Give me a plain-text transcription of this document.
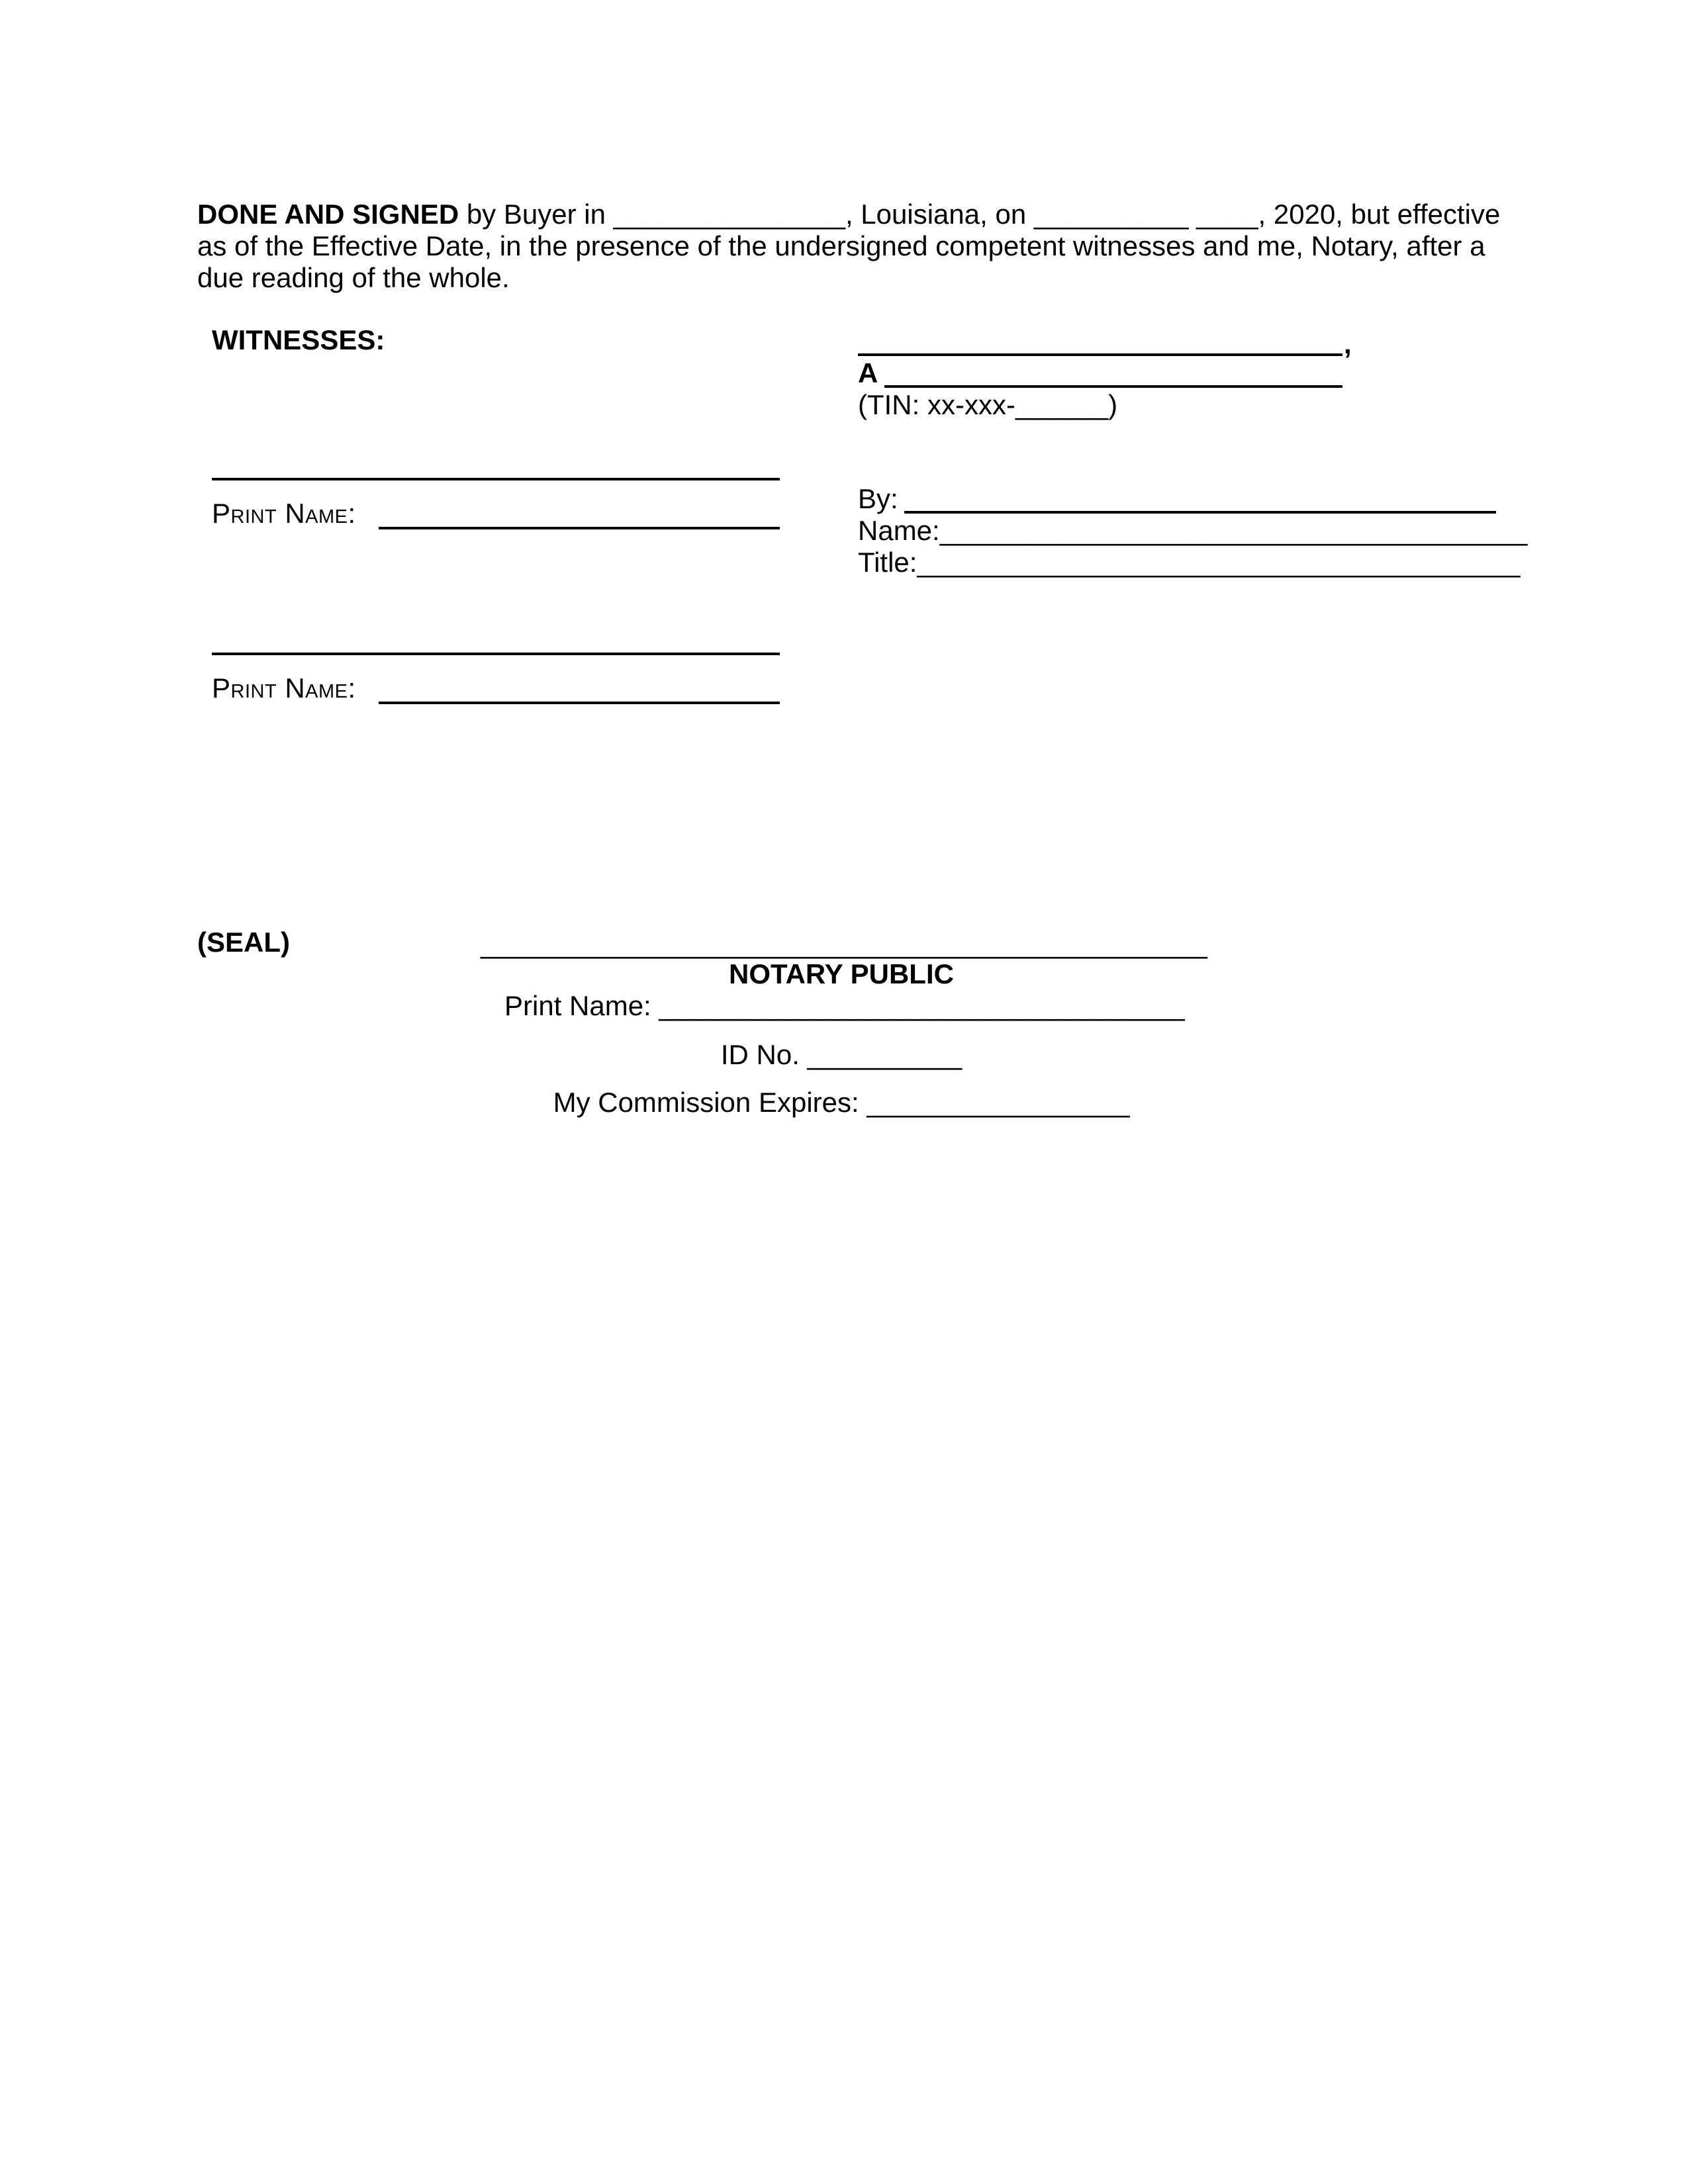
DONE AND SIGNED by Buyer in _______________, Louisiana, on __________ ____, 2020, but effective
as of the Effective Date, in the presence of the undersigned competent witnesses and me, Notary, after a
due reading of the whole.
WITNESSES:
Print Name:
Print Name:
,
A
(TIN: xx-xxx-______)
By:
Name:______________________________________
Title:_______________________________________
(SEAL)	_______________________________________________
NOTARY PUBLIC
Print Name: __________________________________
ID No. __________
My Commission Expires: _________________
